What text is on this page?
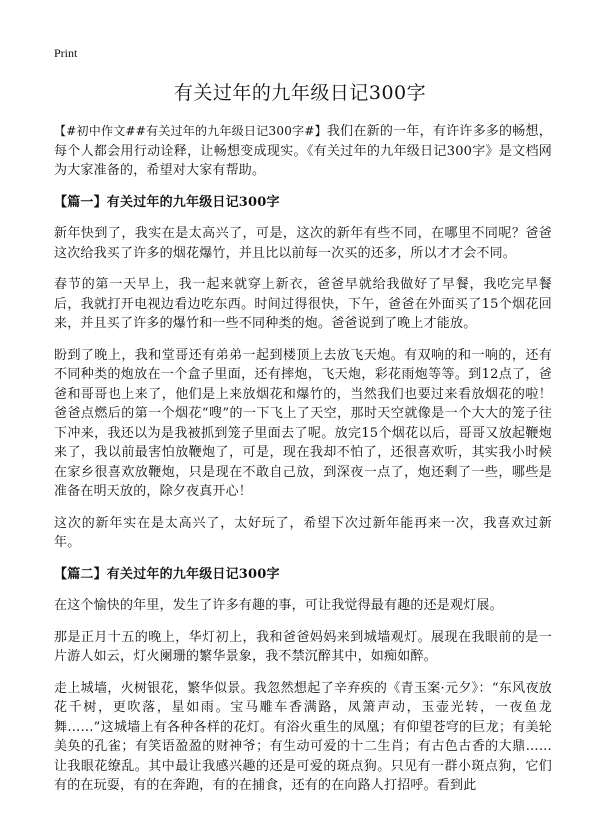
Print
有关过年的九年级日记300字

【#初中作文##有关过年的九年级日记300字#】我们在新的一年，有许许多多的畅想，每个人都会用行动诠释，让畅想变成现实。《有关过年的九年级日记300字》是文档网为大家准备的，希望对大家有帮助。

【篇一】有关过年的九年级日记300字

新年快到了，我实在是太高兴了，可是，这次的新年有些不同，在哪里不同呢？爸爸这次给我买了许多的烟花爆竹，并且比以前每一次买的还多，所以才才会不同。

春节的第一天早上，我一起来就穿上新衣，爸爸早就给我做好了早餐，我吃完早餐后，我就打开电视边看边吃东西。时间过得很快，下午，爸爸在外面买了15个烟花回来，并且买了许多的爆竹和一些不同种类的炮。爸爸说到了晚上才能放。

盼到了晚上，我和堂哥还有弟弟一起到楼顶上去放飞天炮。有双响的和一响的，还有不同种类的炮放在一个盒子里面，还有摔炮，飞天炮，彩花雨炮等等。到12点了，爸爸和哥哥也上来了，他们是上来放烟花和爆竹的，当然我们也要过来看放烟花的啦！爸爸点燃后的第一个烟花“嗖”的一下飞上了天空，那时天空就像是一个大大的笼子往下冲来，我还以为是我被抓到笼子里面去了呢。放完15个烟花以后，哥哥又放起鞭炮来了，我以前最害怕放鞭炮了，可是，现在我却不怕了，还很喜欢听，其实我小时候在家乡很喜欢放鞭炮，只是现在不敢自己放，到深夜一点了，炮还剩了一些，哪些是准备在明天放的，除夕夜真开心！

这次的新年实在是太高兴了，太好玩了，希望下次过新年能再来一次，我喜欢过新年。

【篇二】有关过年的九年级日记300字

在这个愉快的年里，发生了许多有趣的事，可让我觉得最有趣的还是观灯展。

那是正月十五的晚上，华灯初上，我和爸爸妈妈来到城墙观灯。展现在我眼前的是一片游人如云，灯火阑珊的繁华景象，我不禁沉醉其中，如痴如醉。

走上城墙，火树银花，繁华似景。我忽然想起了辛弃疾的《青玉案·元夕》：“东风夜放花千树，更吹落，星如雨。宝马雕车香满路，凤箫声动，玉壶光转，一夜鱼龙舞……”这城墙上有各种各样的花灯。有浴火重生的凤凰；有仰望苍穹的巨龙；有美轮美奂的孔雀；有笑语盈盈的财神爷；有生动可爱的十二生肖；有古色古香的大鼎……让我眼花缭乱。其中最让我感兴趣的还是可爱的斑点狗。只见有一群小斑点狗，它们有的在玩耍，有的在奔跑，有的在捕食，还有的在向路人打招呼。看到此
